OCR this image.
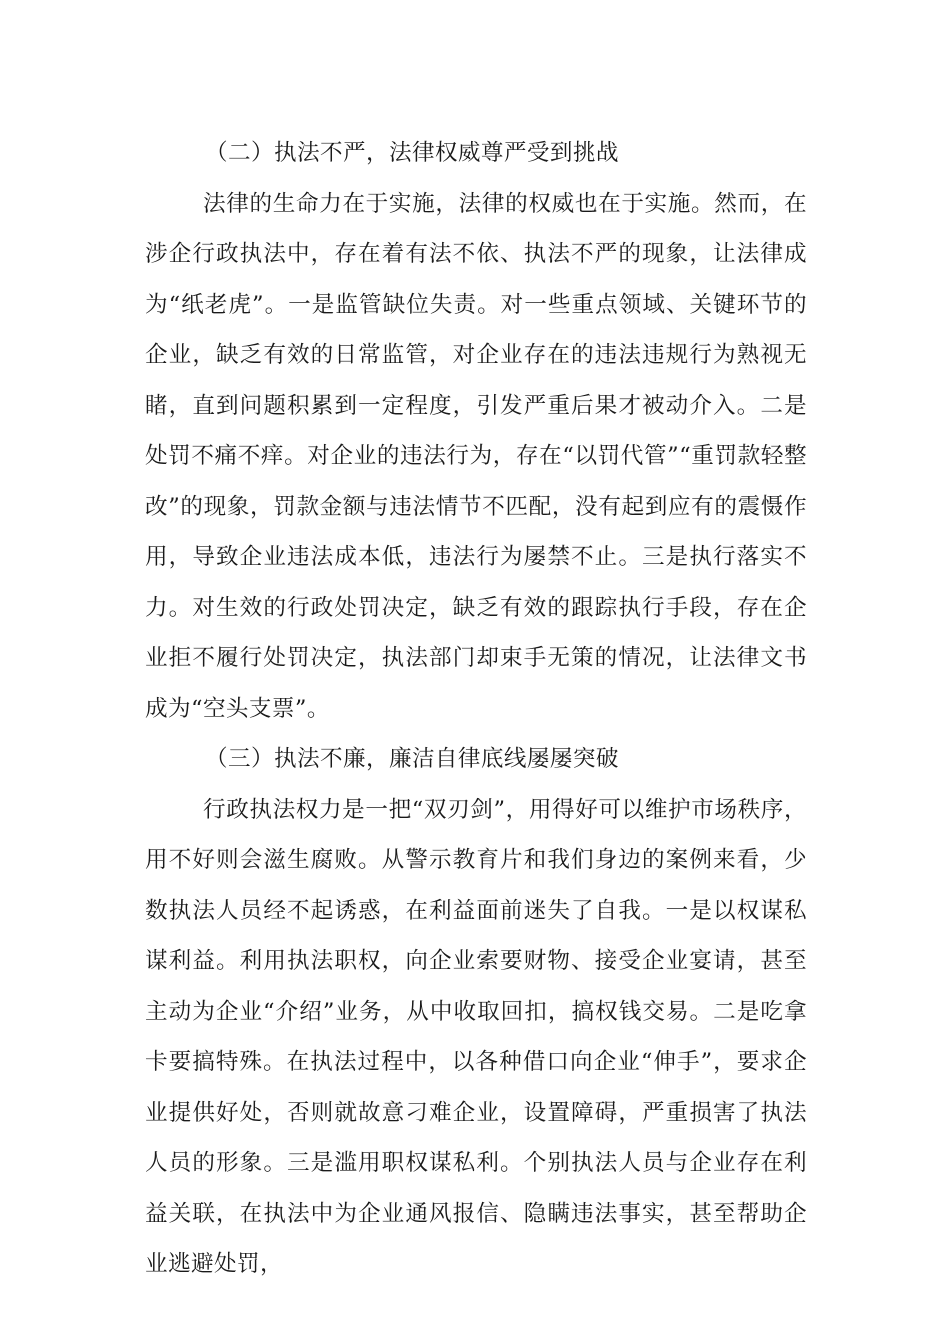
（二）执法不严，法律权威尊严受到挑战

法律的生命力在于实施，法律的权威也在于实施。然而，在涉企行政执法中，存在着有法不依、执法不严的现象，让法律成为“纸老虎”。一是监管缺位失责。对一些重点领域、关键环节的企业，缺乏有效的日常监管，对企业存在的违法违规行为熟视无睹，直到问题积累到一定程度，引发严重后果才被动介入。二是处罚不痛不痒。对企业的违法行为，存在“以罚代管”“重罚款轻整改”的现象，罚款金额与违法情节不匹配，没有起到应有的震慑作用，导致企业违法成本低，违法行为屡禁不止。三是执行落实不力。对生效的行政处罚决定，缺乏有效的跟踪执行手段，存在企业拒不履行处罚决定，执法部门却束手无策的情况，让法律文书成为“空头支票”。

（三）执法不廉，廉洁自律底线屡屡突破

行政执法权力是一把“双刃剑”，用得好可以维护市场秩序，用不好则会滋生腐败。从警示教育片和我们身边的案例来看，少数执法人员经不起诱惑，在利益面前迷失了自我。一是以权谋私谋利益。利用执法职权，向企业索要财物、接受企业宴请，甚至主动为企业“介绍”业务，从中收取回扣，搞权钱交易。二是吃拿卡要搞特殊。在执法过程中，以各种借口向企业“伸手”，要求企业提供好处，否则就故意刁难企业，设置障碍，严重损害了执法人员的形象。三是滥用职权谋私利。个别执法人员与企业存在利益关联，在执法中为企业通风报信、隐瞒违法事实，甚至帮助企业逃避处罚，
